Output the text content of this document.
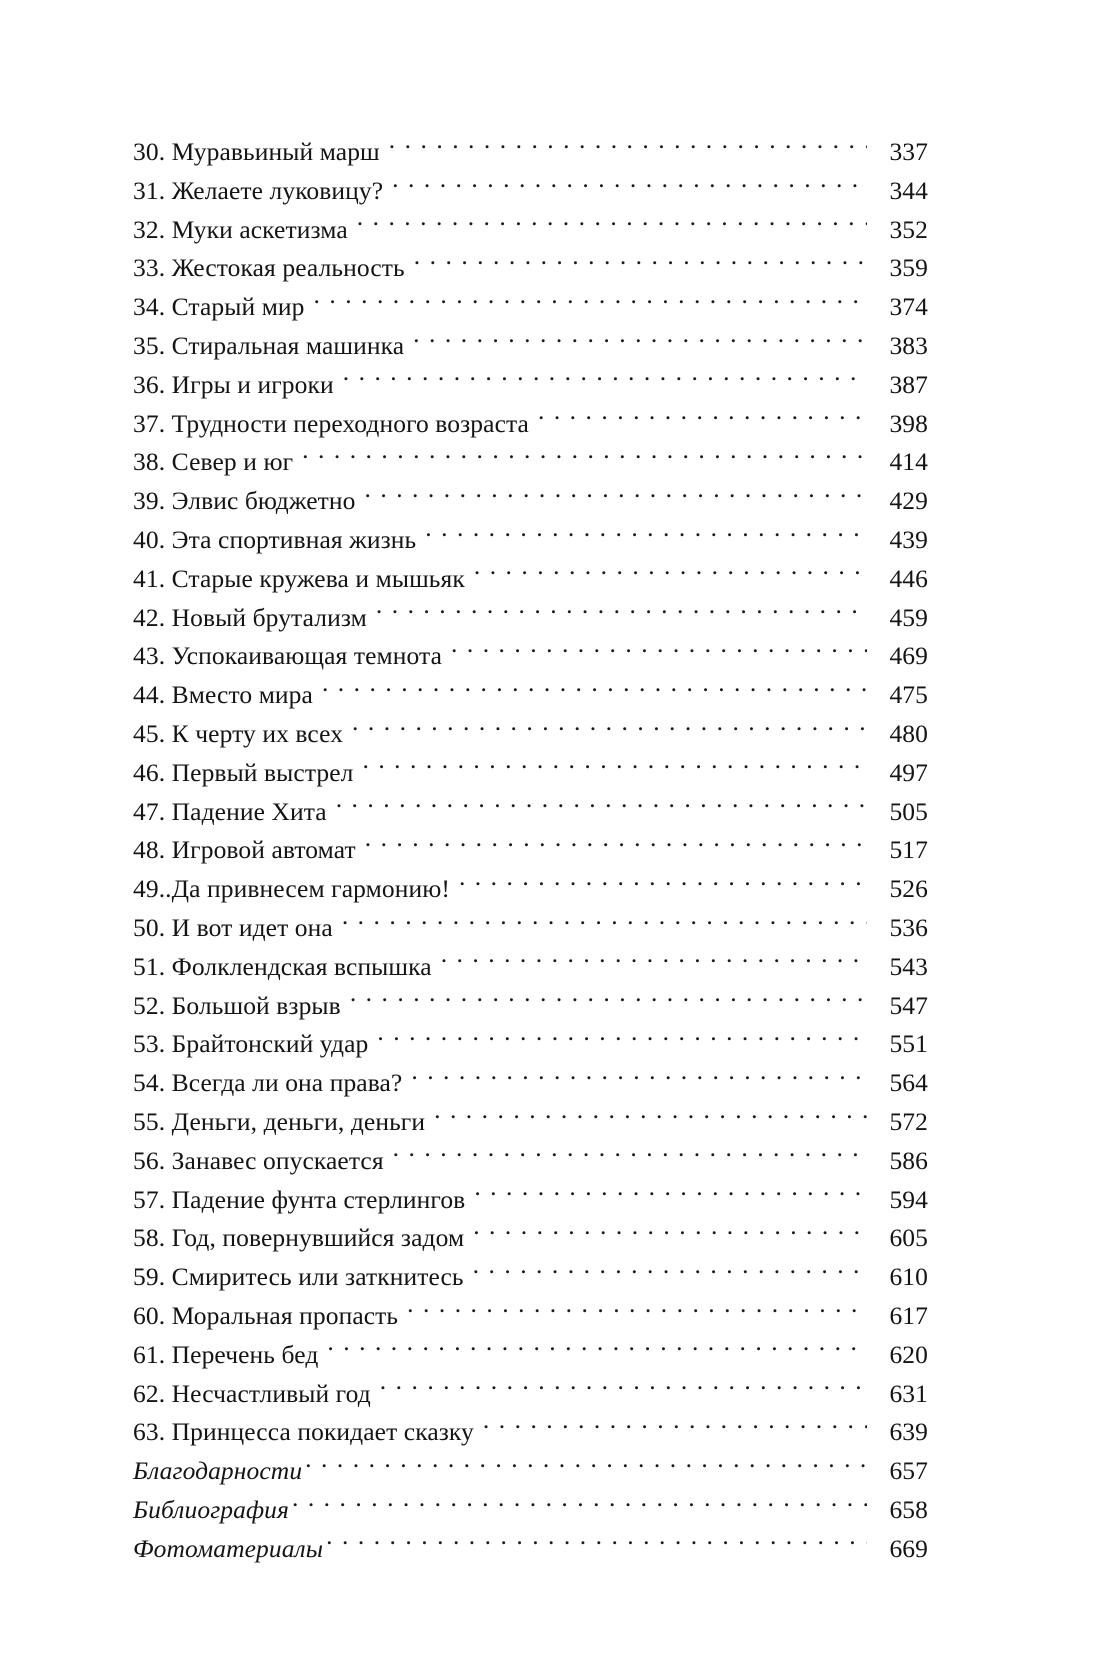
30. Муравьиный марш . . .	337
31. Желаете луковицу? . . .	344
32. Муки аскетизма . . .	352
33. Жестокая реальность . . .	359
34. Старый мир . . .	374
35. Стиральная машинка . . .	383
36. Игры и игроки . . .	387
37. Трудности переходного возраста . . .	398
38. Север и юг . . .	414
39. Элвис бюджетно . . .	429
40. Эта спортивная жизнь . . .	439
41. Старые кружева и мышьяк . . .	446
42. Новый брутализм . . .	459
43. Успокаивающая темнота . . .	469
44. Вместо мира . . .	475
45. К черту их всех . . .	480
46. Первый выстрел . . .	497
47. Падение Хита . . .	505
48. Игровой автомат . . .	517
49..Да привнесем гармонию! . . .	526
50. И вот идет она . . .	536
51. Фолклендская вспышка . . .	543
52. Большой взрыв . . .	547
53. Брайтонский удар . . .	551
54. Всегда ли она права? . . .	564
55. Деньги, деньги, деньги . . .	572
56. Занавес опускается . . .	586
57. Падение фунта стерлингов . . .	594
58. Год, повернувшийся задом . . .	605
59. Смиритесь или заткнитесь . . .	610
60. Моральная пропасть . . .	617
61. Перечень бед . . .	620
62. Несчастливый год . . .	631
63. Принцесса покидает сказку . . .	639
Благодарности . . .	657
Библиография . . .	658
Фотоматериалы . . .	669
